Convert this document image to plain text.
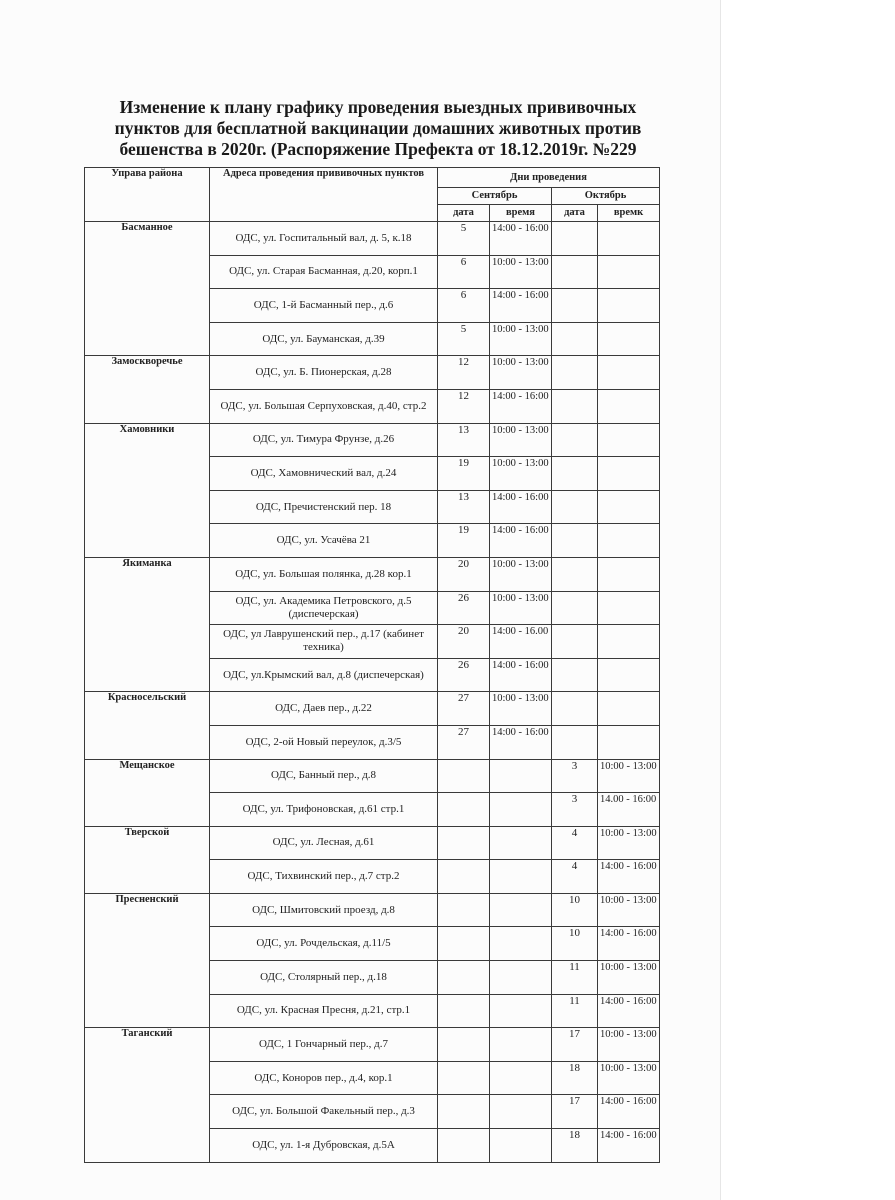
Изменение к плану графику проведения выездных прививочных
пунктов для бесплатной вакцинации домашних животных против
бешенства в 2020г. (Распоряжение Префекта от 18.12.2019г. №229
Управа района	Адреса проведения прививочных пунктов	Дни проведения			
		Сентябрь		Октябрь	
		дата	время	дата	времк
Басманное	ОДС, ул. Госпитальный вал, д. 5, к.18	5	14:00 - 16:00		
	ОДС, ул. Старая Басманная, д.20, корп.1	6	10:00 - 13:00		
	ОДС, 1-й Басманный пер., д.6	6	14:00 - 16:00		
	ОДС, ул. Бауманская, д.39	5	10:00 - 13:00		
Замоскворечье	ОДС, ул. Б. Пионерская, д.28	12	10:00 - 13:00		
	ОДС, ул. Большая Серпуховская, д.40, стр.2	12	14:00 - 16:00		
Хамовники	ОДС, ул. Тимура Фрунзе, д.26	13	10:00 - 13:00		
	ОДС, Хамовнический вал, д.24	19	10:00 - 13:00		
	ОДС, Пречистенский пер. 18	13	14:00 - 16:00		
	ОДС, ул. Усачёва 21	19	14:00 - 16:00		
Якиманка	ОДС, ул. Большая полянка, д.28 кор.1	20	10:00 - 13:00		
	ОДС, ул. Академика Петровского, д.5 (диспечерская)	26	10:00 - 13:00		
	ОДС, ул Лаврушенский пер., д.17 (кабинет техника)	20	14:00 - 16.00		
	ОДС, ул.Крымский вал, д.8 (диспечерская)	26	14:00 - 16:00		
Красносельский	ОДС, Даев пер., д.22	27	10:00 - 13:00		
	ОДС, 2-ой Новый переулок, д.3/5	27	14:00 - 16:00		
Мещанское	ОДС, Банный пер., д.8			3	10:00 - 13:00
	ОДС, ул. Трифоновская, д.61 стр.1			3	14.00 - 16:00
Тверской	ОДС, ул. Лесная, д.61			4	10:00 - 13:00
	ОДС, Тихвинский пер., д.7 стр.2			4	14:00 - 16:00
Пресненский	ОДС, Шмитовский проезд, д.8			10	10:00 - 13:00
	ОДС, ул. Рочдельская, д.11/5			10	14:00 - 16:00
	ОДС, Столярный пер., д.18			11	10:00 - 13:00
	ОДС, ул. Красная Пресня, д.21, стр.1			11	14:00 - 16:00
Таганский	ОДС, 1 Гончарный пер., д.7			17	10:00 - 13:00
	ОДС, Коноров пер., д.4, кор.1			18	10:00 - 13:00
	ОДС, ул. Большой Факельный пер., д.3			17	14:00 - 16:00
	ОДС, ул. 1-я Дубровская, д.5А			18	14:00 - 16:00
